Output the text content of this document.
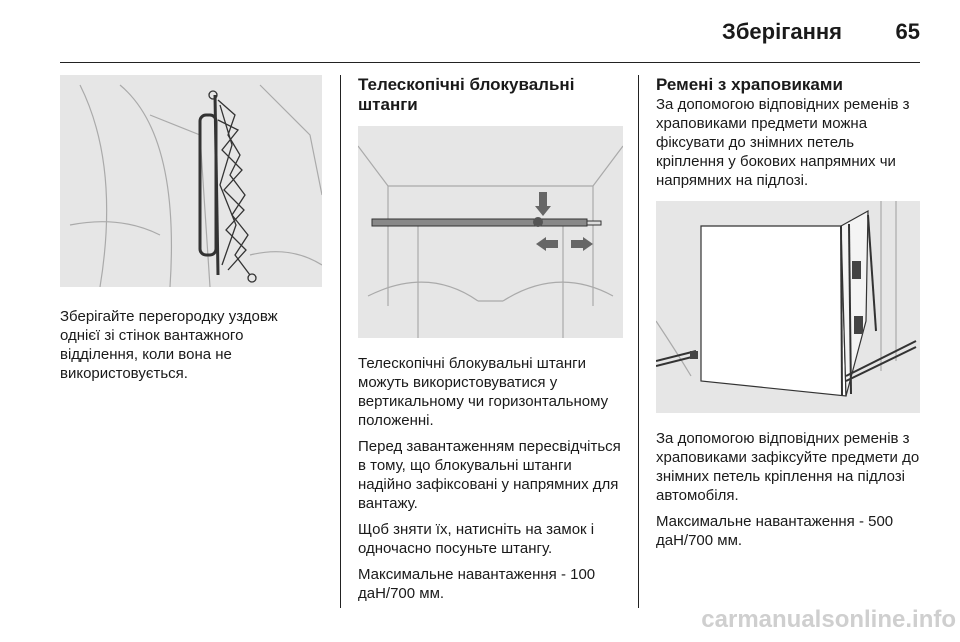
Зберігання 65

Зберігайте перегородку уздовж однієї зі стінок вантажного відділення, коли вона не використовується.

Телескопічні блокувальні штанги

Телескопічні блокувальні штанги можуть використовуватися у вертикальному чи горизонтальному положенні.

Перед завантаженням пересвідчіться в тому, що блокувальні штанги надійно зафіксовані у напрямних для вантажу.

Щоб зняти їх, натисніть на замок і одночасно посуньте штангу.

Максимальне навантаження - 100 даН/700 мм.

Ремені з храповиками

За допомогою відповідних ременів з храповиками предмети можна фіксувати до знімних петель кріплення у бокових напрямних чи напрямних на підлозі.

За допомогою відповідних ременів з храповиками зафіксуйте предмети до знімних петель кріплення на підлозі автомобіля.

Максимальне навантаження - 500 даН/700 мм.

carmanualsonline.info
